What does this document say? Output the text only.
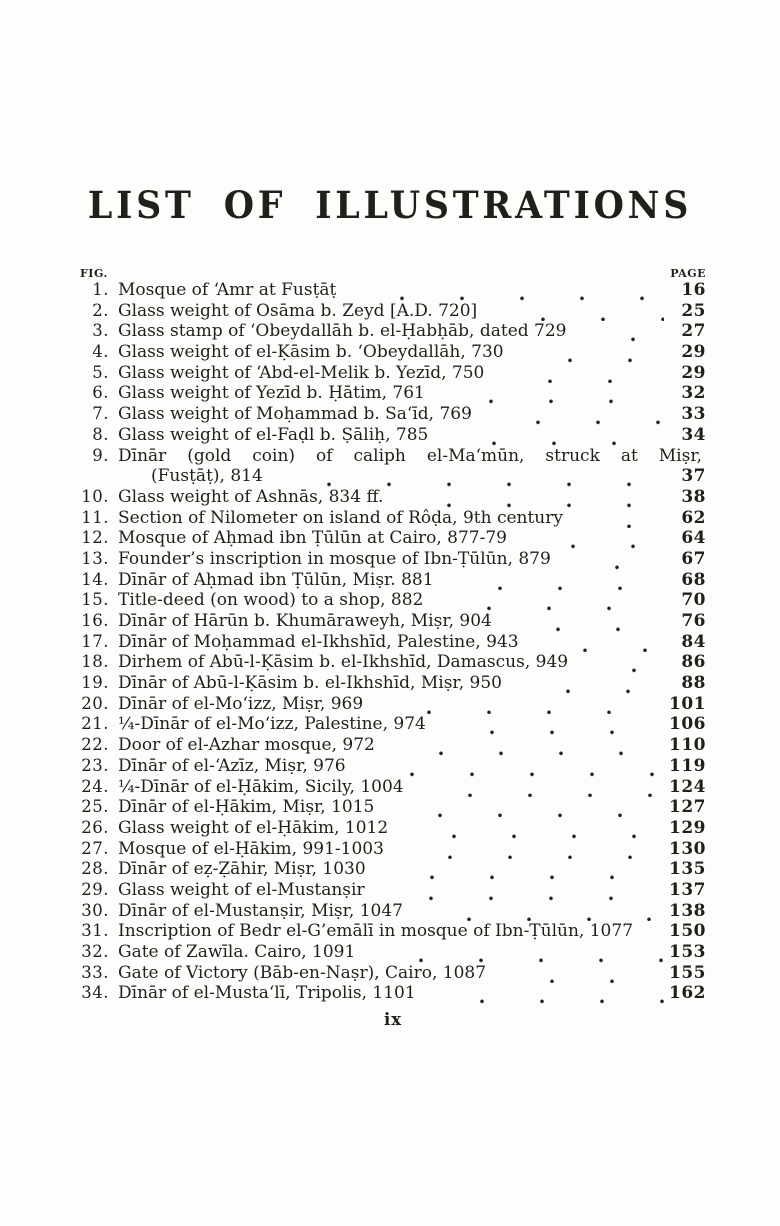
LIST OF ILLUSTRATIONS
FIG.	PAGE
1. Mosque of ‘Amr at Fusṭāṭ	16
2. Glass weight of Osāma b. Zeyd [A.D. 720]	25
3. Glass stamp of ‘Obeydallāh b. el-Ḥabḥāb, dated 729	27
4. Glass weight of el-Ḳāsim b. ‘Obeydallāh, 730	29
5. Glass weight of ‘Abd-el-Melik b. Yezīd, 750	29
6. Glass weight of Yezīd b. Ḥātim, 761	32
7. Glass weight of Moḥammad b. Sa‘īd, 769	33
8. Glass weight of el-Faḍl b. Ṣāliḥ, 785	34
9. Dīnār (gold coin) of caliph el-Ma‘mūn, struck at Miṣr,
(Fusṭāṭ), 814	37
10. Glass weight of Ashnās, 834 ff.	38
11. Section of Nilometer on island of Rôḍa, 9th century	62
12. Mosque of Aḥmad ibn Ṭūlūn at Cairo, 877-79	64
13. Founder’s inscription in mosque of Ibn-Ṭūlūn, 879	67
14. Dīnār of Aḥmad ibn Ṭūlūn, Miṣr. 881	68
15. Title-deed (on wood) to a shop, 882	70
16. Dīnār of Hārūn b. Khumāraweyh, Miṣr, 904	76
17. Dīnār of Moḥammad el-Ikhshīd, Palestine, 943	84
18. Dirhem of Abū-l-Ḳāsim b. el-Ikhshīd, Damascus, 949	86
19. Dīnār of Abū-l-Ḳāsim b. el-Ikhshīd, Miṣr, 950	88
20. Dīnār of el-Mo‘izz, Miṣr, 969	101
21. ¼-Dīnār of el-Mo‘izz, Palestine, 974	106
22. Door of el-Azhar mosque, 972	110
23. Dīnār of el-‘Azīz, Miṣr, 976	119
24. ¼-Dīnār of el-Ḥākim, Sicily, 1004	124
25. Dīnār of el-Ḥākim, Miṣr, 1015	127
26. Glass weight of el-Ḥākim, 1012	129
27. Mosque of el-Ḥākim, 991-1003	130
28. Dīnār of eẓ-Ẓāhir, Miṣr, 1030	135
29. Glass weight of el-Mustanṣir	137
30. Dīnār of el-Mustanṣir, Miṣr, 1047	138
31. Inscription of Bedr el-G’emālī in mosque of Ibn-Ṭūlūn, 1077 150
32. Gate of Zawīla. Cairo, 1091	153
33. Gate of Victory (Bāb-en-Naṣr), Cairo, 1087	155
34. Dīnār of el-Musta‘lī, Tripolis, 1101	162
ix
